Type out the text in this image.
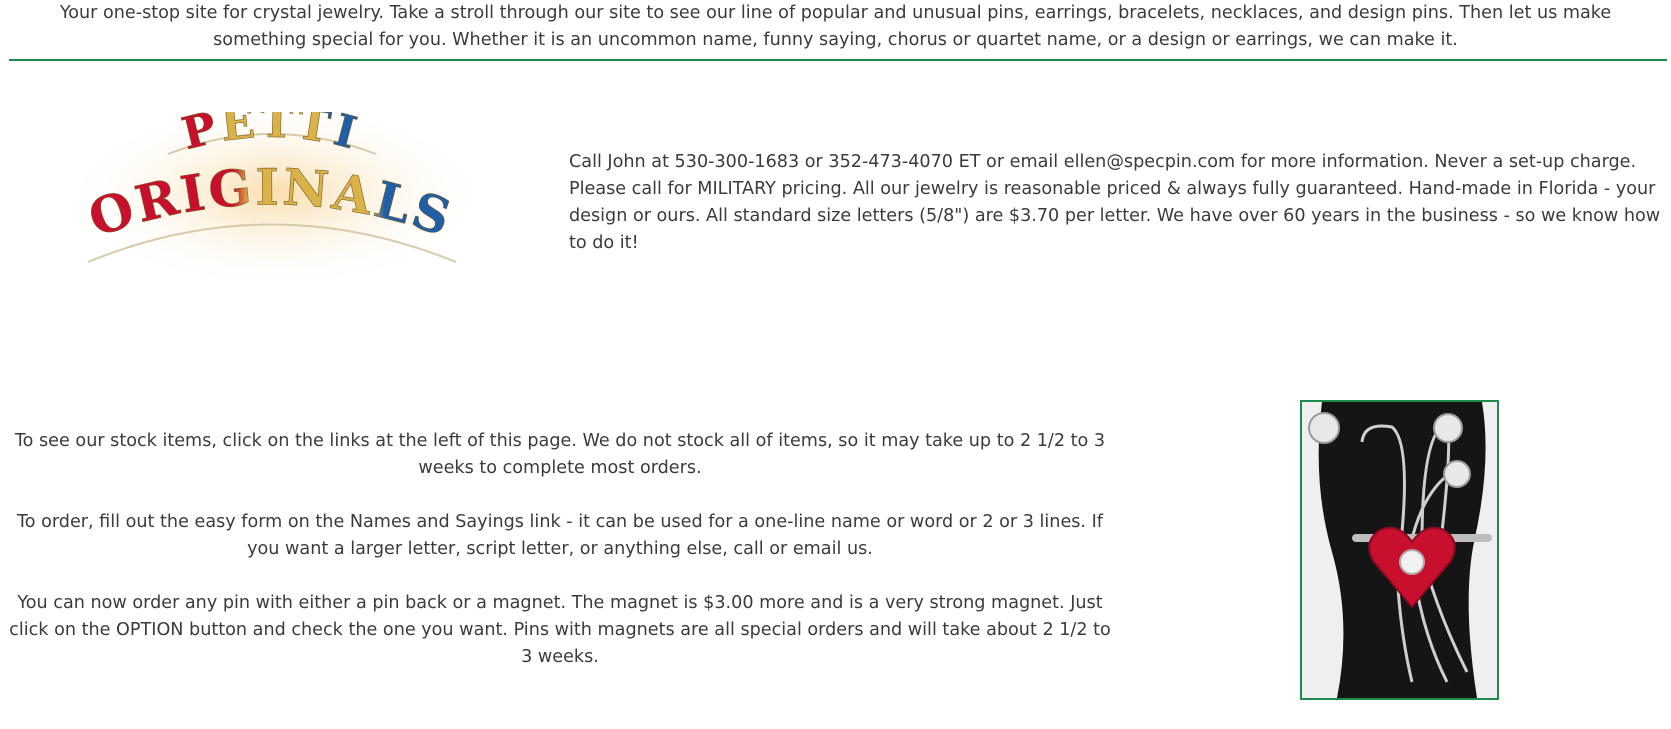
Your one-stop site for crystal jewelry. Take a stroll through our site to see our line of popular and unusual pins, earrings, bracelets, necklaces, and design pins. Then let us make

something special for you. Whether it is an uncommon name, funny saying, chorus or quartet name, or a design or earrings, we can make it.

PETTI
ORIGINALS

Call John at 530-300-1683 or 352-473-4070 ET or email ellen@specpin.com for more information. Never a set-up charge. Please call for MILITARY pricing. All our jewelry is reasonable priced & always fully guaranteed. Hand-made in Florida - your design or ours. All standard size letters (5/8") are $3.70 per letter. We have over 60 years in the business - so we know how to do it!

To see our stock items, click on the links at the left of this page. We do not stock all of items, so it may take up to 2 1/2 to 3 weeks to complete most orders.

To order, fill out the easy form on the Names and Sayings link - it can be used for a one-line name or word or 2 or 3 lines. If you want a larger letter, script letter, or anything else, call or email us.

You can now order any pin with either a pin back or a magnet. The magnet is $3.00 more and is a very strong magnet. Just click on the OPTION button and check the one you want. Pins with magnets are all special orders and will take about 2 1/2 to 3 weeks.
